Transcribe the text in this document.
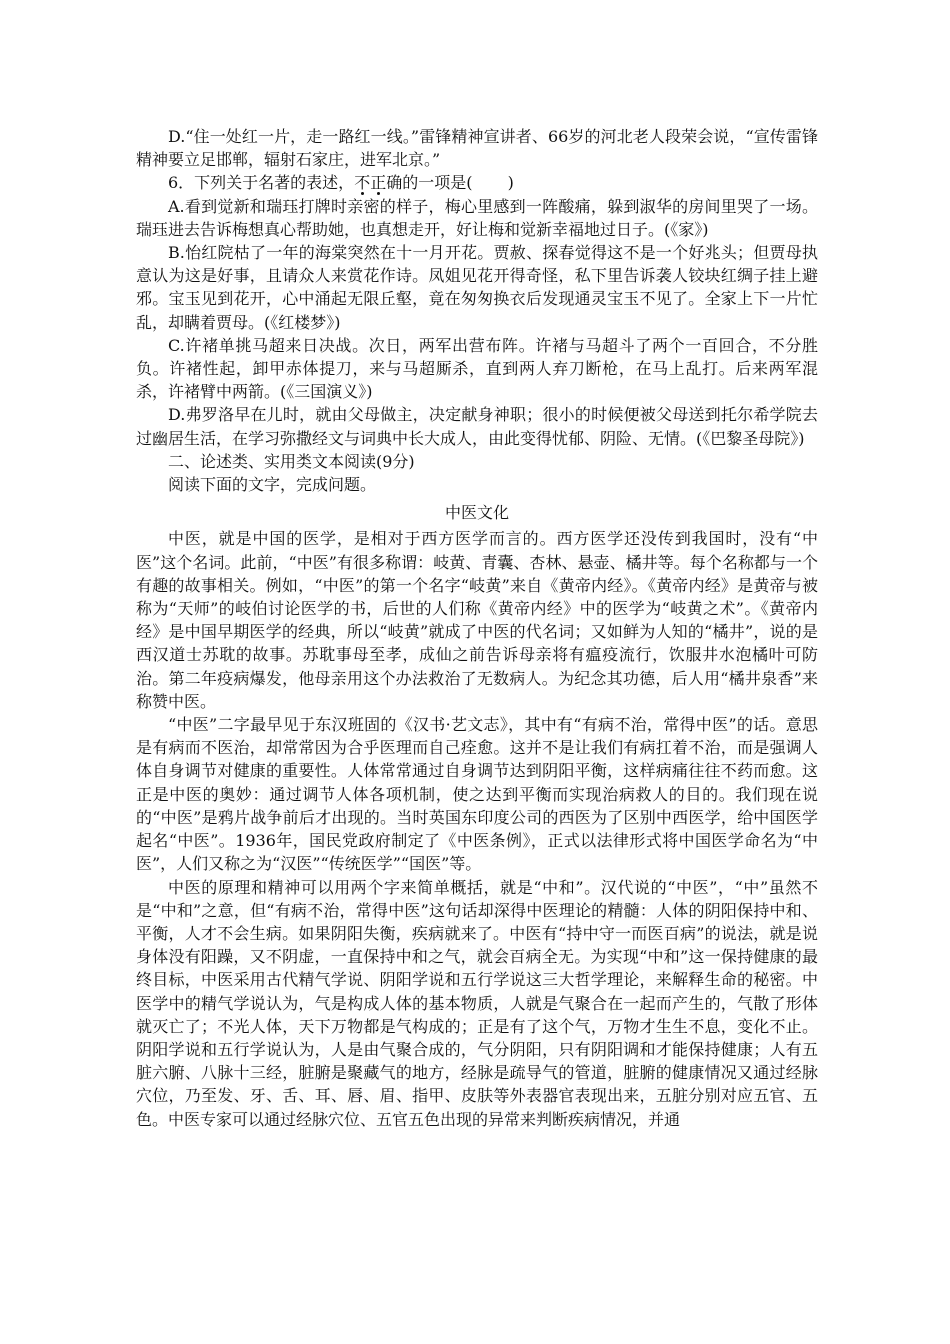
D.“住一处红一片，走一路红一线。”雷锋精神宣讲者、66岁的河北老人段荣会说，“宣传雷锋精神要立足邯郸，辐射石家庄，进军北京。”

6．下列关于名著的表述，不正确的一项是( )

A.看到觉新和瑞珏打牌时亲密的样子，梅心里感到一阵酸痛，躲到淑华的房间里哭了一场。瑞珏进去告诉梅想真心帮助她，也真想走开，好让梅和觉新幸福地过日子。(《家》)

B.怡红院枯了一年的海棠突然在十一月开花。贾赦、探春觉得这不是一个好兆头；但贾母执意认为这是好事，且请众人来赏花作诗。凤姐见花开得奇怪，私下里告诉袭人铰块红绸子挂上避邪。宝玉见到花开，心中涌起无限丘壑，竟在匆匆换衣后发现通灵宝玉不见了。全家上下一片忙乱，却瞒着贾母。(《红楼梦》)

C.许褚单挑马超来日决战。次日，两军出营布阵。许褚与马超斗了两个一百回合，不分胜负。许褚性起，卸甲赤体提刀，来与马超厮杀，直到两人弃刀断枪，在马上乱打。后来两军混杀，许褚臂中两箭。(《三国演义》)

D.弗罗洛早在儿时，就由父母做主，决定献身神职；很小的时候便被父母送到托尔希学院去过幽居生活，在学习弥撒经文与词典中长大成人，由此变得忧郁、阴险、无情。(《巴黎圣母院》)

二、论述类、实用类文本阅读(9分)

阅读下面的文字，完成问题。

中医文化

中医，就是中国的医学，是相对于西方医学而言的。西方医学还没传到我国时，没有“中医”这个名词。此前，“中医”有很多称谓：岐黄、青囊、杏林、悬壶、橘井等。每个名称都与一个有趣的故事相关。例如，“中医”的第一个名字“岐黄”来自《黄帝内经》。《黄帝内经》是黄帝与被称为“天师”的岐伯讨论医学的书，后世的人们称《黄帝内经》中的医学为“岐黄之术”。《黄帝内经》是中国早期医学的经典，所以“岐黄”就成了中医的代名词；又如鲜为人知的“橘井”，说的是西汉道士苏耽的故事。苏耽事母至孝，成仙之前告诉母亲将有瘟疫流行，饮服井水泡橘叶可防治。第二年疫病爆发，他母亲用这个办法救治了无数病人。为纪念其功德，后人用“橘井泉香”来称赞中医。

“中医”二字最早见于东汉班固的《汉书·艺文志》，其中有“有病不治，常得中医”的话。意思是有病而不医治，却常常因为合乎医理而自己痊愈。这并不是让我们有病扛着不治，而是强调人体自身调节对健康的重要性。人体常常通过自身调节达到阴阳平衡，这样病痛往往不药而愈。这正是中医的奥妙：通过调节人体各项机制，使之达到平衡而实现治病救人的目的。我们现在说的“中医”是鸦片战争前后才出现的。当时英国东印度公司的西医为了区别中西医学，给中国医学起名“中医”。1936年，国民党政府制定了《中医条例》，正式以法律形式将中国医学命名为“中医”，人们又称之为“汉医”“传统医学”“国医”等。

中医的原理和精神可以用两个字来简单概括，就是“中和”。汉代说的“中医”，“中”虽然不是“中和”之意，但“有病不治，常得中医”这句话却深得中医理论的精髓：人体的阴阳保持中和、平衡，人才不会生病。如果阴阳失衡，疾病就来了。中医有“持中守一而医百病”的说法，就是说身体没有阳躁，又不阴虚，一直保持中和之气，就会百病全无。为实现“中和”这一保持健康的最终目标，中医采用古代精气学说、阴阳学说和五行学说这三大哲学理论，来解释生命的秘密。中医学中的精气学说认为，气是构成人体的基本物质，人就是气聚合在一起而产生的，气散了形体就灭亡了；不光人体，天下万物都是气构成的；正是有了这个气，万物才生生不息，变化不止。阴阳学说和五行学说认为，人是由气聚合成的，气分阴阳，只有阴阳调和才能保持健康；人有五脏六腑、八脉十三经，脏腑是聚藏气的地方，经脉是疏导气的管道，脏腑的健康情况又通过经脉穴位，乃至发、牙、舌、耳、唇、眉、指甲、皮肤等外表器官表现出来，五脏分别对应五官、五色。中医专家可以通过经脉穴位、五官五色出现的异常来判断疾病情况，并通
